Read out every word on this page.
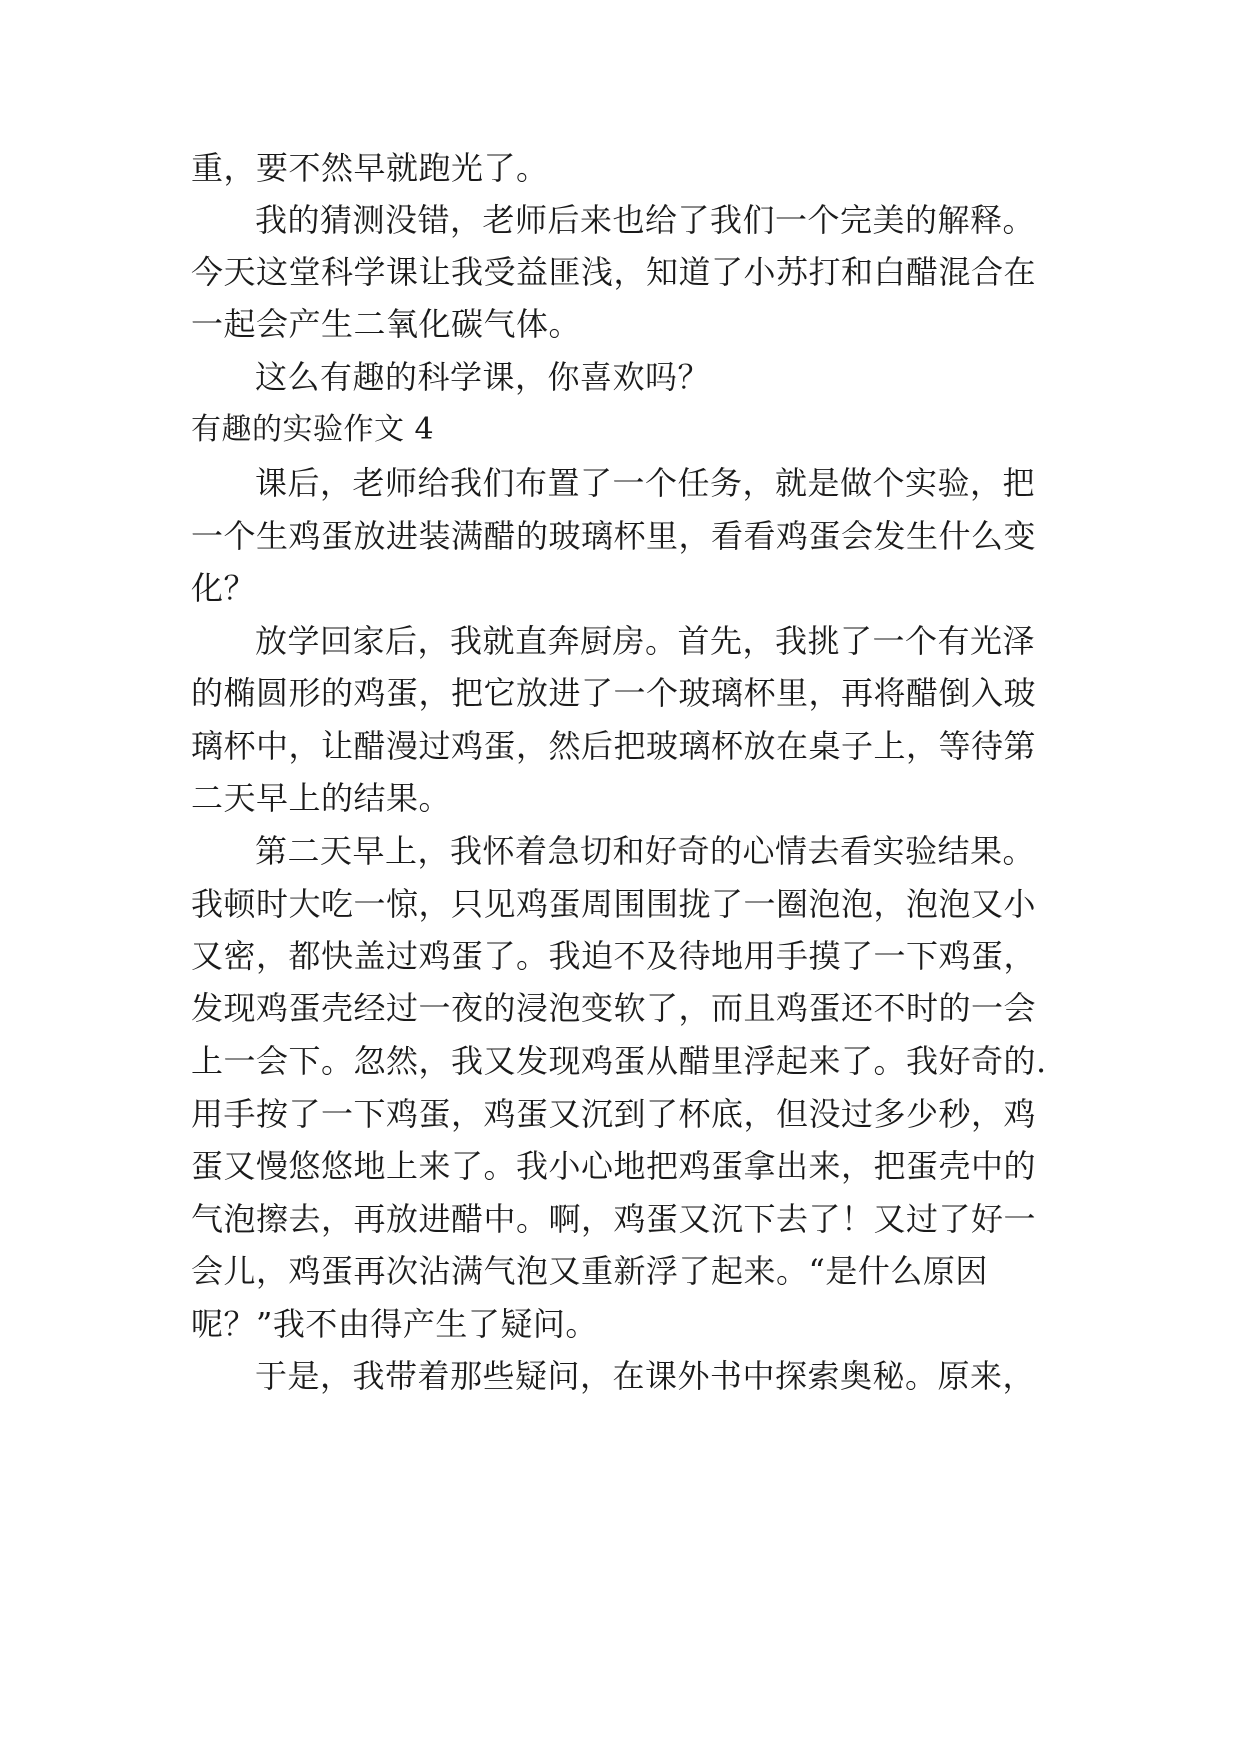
重，要不然早就跑光了。
我的猜测没错，老师后来也给了我们一个完美的解释。
今天这堂科学课让我受益匪浅，知道了小苏打和白醋混合在
一起会产生二氧化碳气体。
这么有趣的科学课，你喜欢吗？
有趣的实验作文 4
课后，老师给我们布置了一个任务，就是做个实验，把
一个生鸡蛋放进装满醋的玻璃杯里，看看鸡蛋会发生什么变
化？
放学回家后，我就直奔厨房。首先，我挑了一个有光泽
的椭圆形的鸡蛋，把它放进了一个玻璃杯里，再将醋倒入玻
璃杯中，让醋漫过鸡蛋，然后把玻璃杯放在桌子上，等待第
二天早上的结果。
第二天早上，我怀着急切和好奇的心情去看实验结果。
我顿时大吃一惊，只见鸡蛋周围围拢了一圈泡泡，泡泡又小
又密，都快盖过鸡蛋了。我迫不及待地用手摸了一下鸡蛋，
发现鸡蛋壳经过一夜的浸泡变软了，而且鸡蛋还不时的一会
上一会下。忽然，我又发现鸡蛋从醋里浮起来了。我好奇的.
用手按了一下鸡蛋，鸡蛋又沉到了杯底，但没过多少秒，鸡
蛋又慢悠悠地上来了。我小心地把鸡蛋拿出来，把蛋壳中的
气泡擦去，再放进醋中。啊，鸡蛋又沉下去了！又过了好一
会儿，鸡蛋再次沾满气泡又重新浮了起来。“是什么原因
呢？”我不由得产生了疑问。
于是，我带着那些疑问，在课外书中探索奥秘。原来，
